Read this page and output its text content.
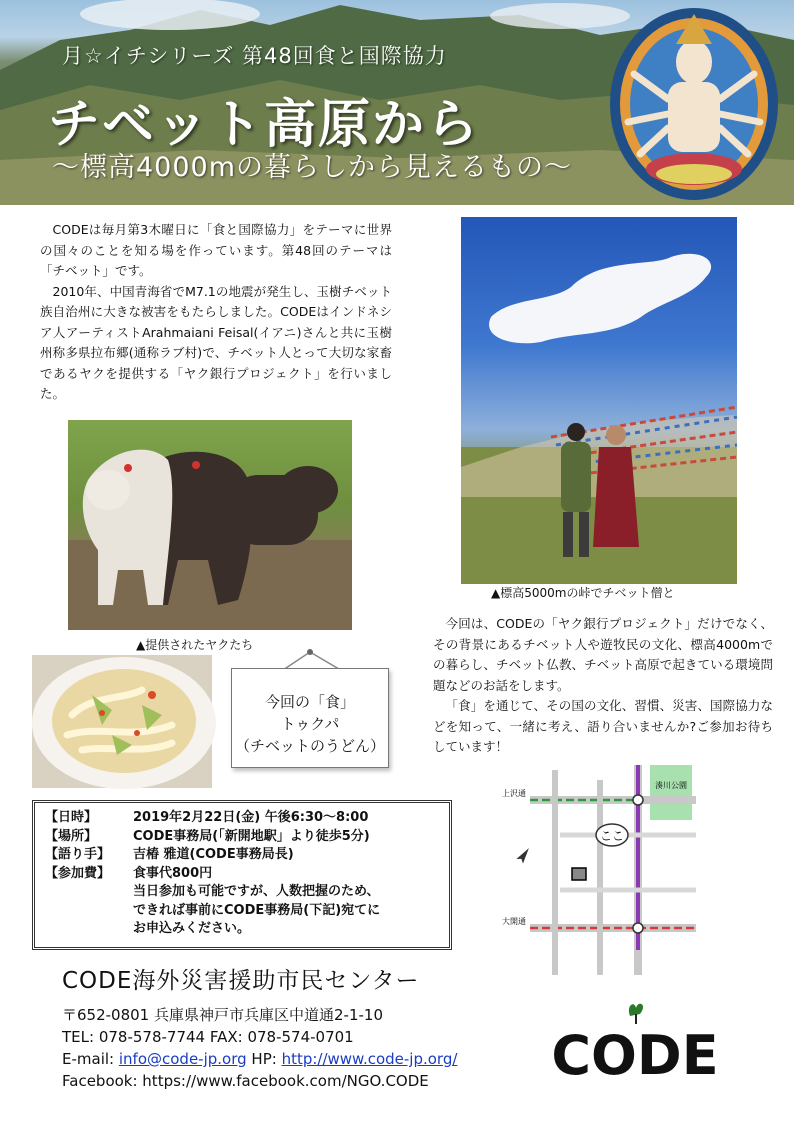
月☆イチシリーズ 第48回食と国際協力
チベット高原から
〜標高4000mの暮らしから見えるもの〜

CODEは毎月第3木曜日に「食と国際協力」をテーマに世界の国々のことを知る場を作っています。第48回のテーマは「チベット」です。

2010年、中国青海省でM7.1の地震が発生し、玉樹チベット族自治州に大きな被害をもたらしました。CODEはインドネシア人アーティストArahmaiani Feisal(イアニ)さんと共に玉樹州称多県拉布郷(通称ラブ村)で、チベット人とって大切な家畜であるヤクを提供する「ヤク銀行プロジェクト」を行いました。

▲提供されたヤクたち
▲標高5000mの峠でチベット僧と
今回の「食」
トゥクパ
（チベットのうどん）

今回は、CODEの「ヤク銀行プロジェクト」だけでなく、その背景にあるチベット人や遊牧民の文化、標高4000mでの暮らし、チベット仏教、チベット高原で起きている環境問題などのお話をします。

「食」を通じて、その国の文化、習慣、災害、国際協力などを知って、一緒に考え、語り合いませんか?ご参加お待ちしています！

【日時】	2019年2月22日(金) 午後6:30〜8:00
【場所】	CODE事務局(「新開地駅」より徒歩5分)
【語り手】	吉椿 雅道(CODE事務局長)
【参加費】	食事代800円
当日参加も可能ですが、人数把握のため、
できれば事前にCODE事務局(下記)宛てに
お申込みください。
ここ
上沢通
湊川公園
大開通
CODE海外災害援助市民センター
〒652-0801 兵庫県神戸市兵庫区中道通2-1-10
TEL: 078-578-7744 FAX: 078-574-0701
E-mail: info@code-jp.org HP: http://www.code-jp.org/
Facebook: https://www.facebook.com/NGO.CODE	CODE
